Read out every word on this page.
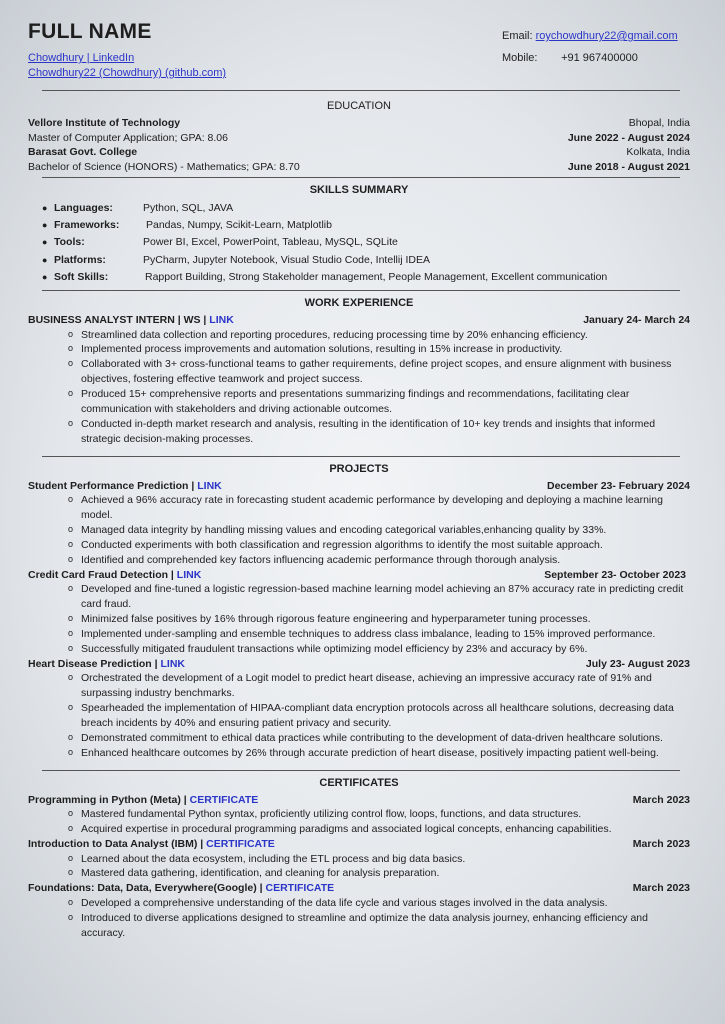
FULL NAME
Chowdhury | LinkedIn
Chowdhury22 (Chowdhury) (github.com)
Email: roychowdhury22@gmail.com
Mobile: +91 967400000
EDUCATION
Vellore Institute of Technology	Bhopal, India
Master of Computer Application; GPA: 8.06	June 2022 - August 2024
Barasat Govt. College	Kolkata, India
Bachelor of Science (HONORS) - Mathematics; GPA: 8.70	June 2018 - August 2021
SKILLS SUMMARY
● Languages:	Python, SQL, JAVA
● Frameworks:	Pandas, Numpy, Scikit-Learn, Matplotlib
● Tools:	Power BI, Excel, PowerPoint, Tableau, MySQL, SQLite
● Platforms:	PyCharm, Jupyter Notebook, Visual Studio Code, Intellij IDEA
● Soft Skills:	Rapport Building, Strong Stakeholder management, People Management, Excellent communication
WORK EXPERIENCE
BUSINESS ANALYST INTERN | WS | LINK	January 24- March 24
o Streamlined data collection and reporting procedures, reducing processing time by 20% enhancing efficiency.
o Implemented process improvements and automation solutions, resulting in 15% increase in productivity.
o Collaborated with 3+ cross-functional teams to gather requirements, define project scopes, and ensure alignment with business objectives, fostering effective teamwork and project success.
o Produced 15+ comprehensive reports and presentations summarizing findings and recommendations, facilitating clear communication with stakeholders and driving actionable outcomes.
o Conducted in-depth market research and analysis, resulting in the identification of 10+ key trends and insights that informed strategic decision-making processes.
PROJECTS
Student Performance Prediction | LINK	December 23- February 2024
o Achieved a 96% accuracy rate in forecasting student academic performance by developing and deploying a machine learning model.
o Managed data integrity by handling missing values and encoding categorical variables,enhancing quality by 33%.
o Conducted experiments with both classification and regression algorithms to identify the most suitable approach.
o Identified and comprehended key factors influencing academic performance through thorough analysis.
Credit Card Fraud Detection | LINK	September 23- October 2023
o Developed and fine-tuned a logistic regression-based machine learning model achieving an 87% accuracy rate in predicting credit card fraud.
o Minimized false positives by 16% through rigorous feature engineering and hyperparameter tuning processes.
o Implemented under-sampling and ensemble techniques to address class imbalance, leading to 15% improved performance.
o Successfully mitigated fraudulent transactions while optimizing model efficiency by 23% and accuracy by 6%.
Heart Disease Prediction | LINK	July 23- August 2023
o Orchestrated the development of a Logit model to predict heart disease, achieving an impressive accuracy rate of 91% and surpassing industry benchmarks.
o Spearheaded the implementation of HIPAA-compliant data encryption protocols across all healthcare solutions, decreasing data breach incidents by 40% and ensuring patient privacy and security.
o Demonstrated commitment to ethical data practices while contributing to the development of data-driven healthcare solutions.
o Enhanced healthcare outcomes by 26% through accurate prediction of heart disease, positively impacting patient well-being.
CERTIFICATES
Programming in Python (Meta) | CERTIFICATE	March 2023
o Mastered fundamental Python syntax, proficiently utilizing control flow, loops, functions, and data structures.
o Acquired expertise in procedural programming paradigms and associated logical concepts, enhancing capabilities.
Introduction to Data Analyst (IBM) | CERTIFICATE	March 2023
o Learned about the data ecosystem, including the ETL process and big data basics.
o Mastered data gathering, identification, and cleaning for analysis preparation.
Foundations: Data, Data, Everywhere(Google) | CERTIFICATE	March 2023
o Developed a comprehensive understanding of the data life cycle and various stages involved in the data analysis.
o Introduced to diverse applications designed to streamline and optimize the data analysis journey, enhancing efficiency and accuracy.
